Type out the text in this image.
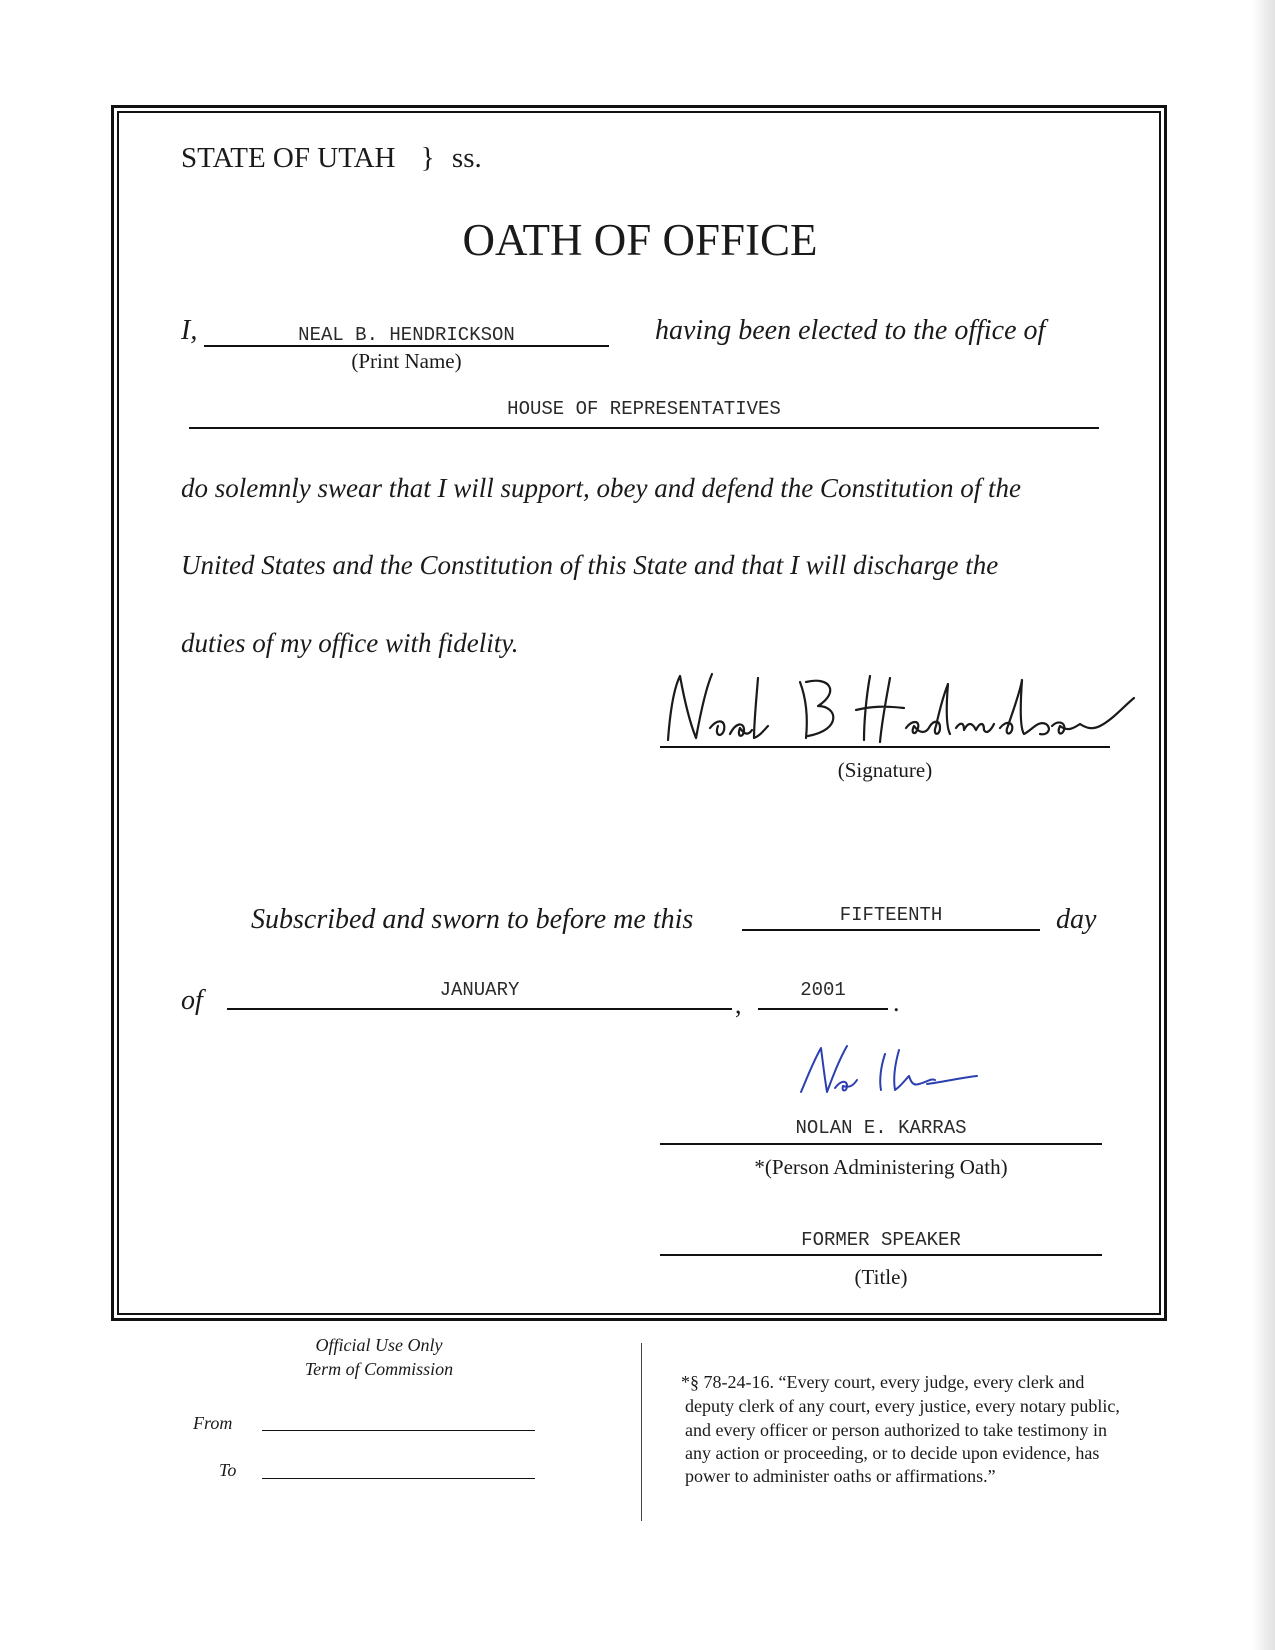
STATE OF UTAH } ss.
OATH OF OFFICE
I,	NEAL B. HENDRICKSON
(Print Name)
having been elected to the office of
HOUSE OF REPRESENTATIVES
do solemnly swear that I will support, obey and defend the Constitution of the
United States and the Constitution of this State and that I will discharge the
duties of my office with fidelity.
(Signature)
Subscribed and sworn to before me this	FIFTEENTH	day
of	JANUARY	,	2001	.
NOLAN E. KARRAS
*(Person Administering Oath)
FORMER SPEAKER
(Title)
Official Use Only
Term of Commission
From
To
*§ 78-24-16. “Every court, every judge, every clerk and
deputy clerk of any court, every justice, every notary public,
and every officer or person authorized to take testimony in
any action or proceeding, or to decide upon evidence, has
power to administer oaths or affirmations.”
